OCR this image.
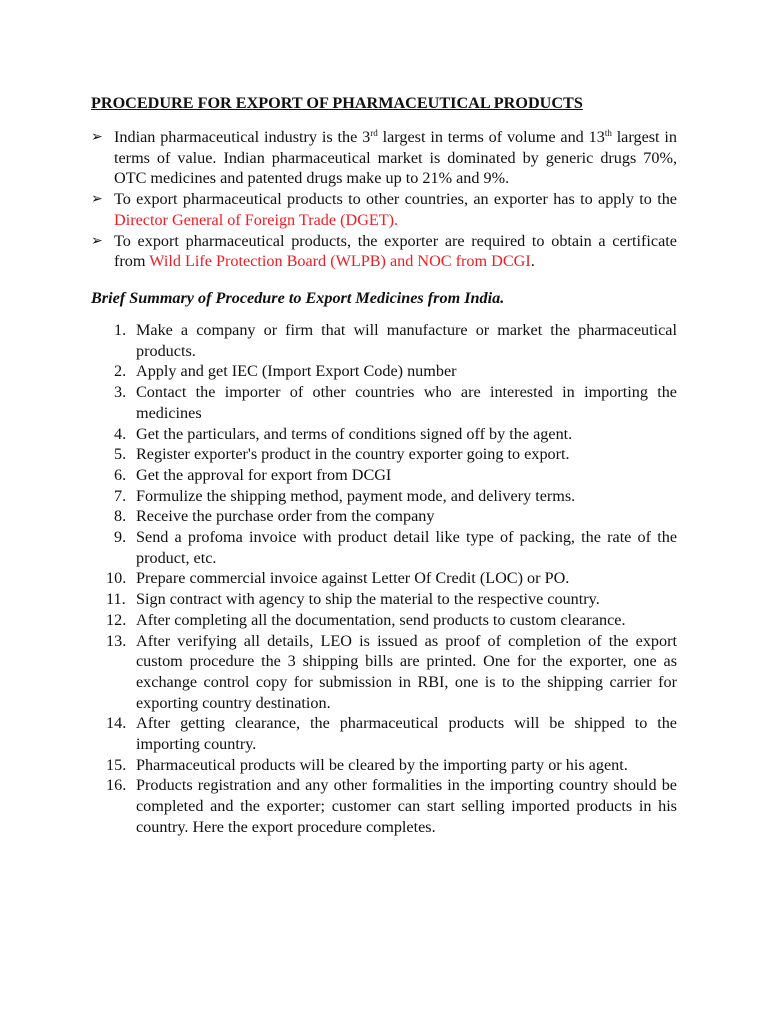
PROCEDURE FOR EXPORT OF PHARMACEUTICAL PRODUCTS
➢ Indian pharmaceutical industry is the 3rd largest in terms of volume and 13th largest in terms of value. Indian pharmaceutical market is dominated by generic drugs 70%, OTC medicines and patented drugs make up to 21% and 9%.
➢ To export pharmaceutical products to other countries, an exporter has to apply to the Director General of Foreign Trade (DGET).
➢ To export pharmaceutical products, the exporter are required to obtain a certificate from Wild Life Protection Board (WLPB) and NOC from DCGI.
Brief Summary of Procedure to Export Medicines from India.
1. Make a company or firm that will manufacture or market the pharmaceutical products.
2. Apply and get IEC (Import Export Code) number
3. Contact the importer of other countries who are interested in importing the medicines
4. Get the particulars, and terms of conditions signed off by the agent.
5. Register exporter's product in the country exporter going to export.
6. Get the approval for export from DCGI
7. Formulize the shipping method, payment mode, and delivery terms.
8. Receive the purchase order from the company
9. Send a profoma invoice with product detail like type of packing, the rate of the product, etc.
10. Prepare commercial invoice against Letter Of Credit (LOC) or PO.
11. Sign contract with agency to ship the material to the respective country.
12. After completing all the documentation, send products to custom clearance.
13. After verifying all details, LEO is issued as proof of completion of the export custom procedure the 3 shipping bills are printed. One for the exporter, one as exchange control copy for submission in RBI, one is to the shipping carrier for exporting country destination.
14. After getting clearance, the pharmaceutical products will be shipped to the importing country.
15. Pharmaceutical products will be cleared by the importing party or his agent.
16. Products registration and any other formalities in the importing country should be completed and the exporter; customer can start selling imported products in his country. Here the export procedure completes.
